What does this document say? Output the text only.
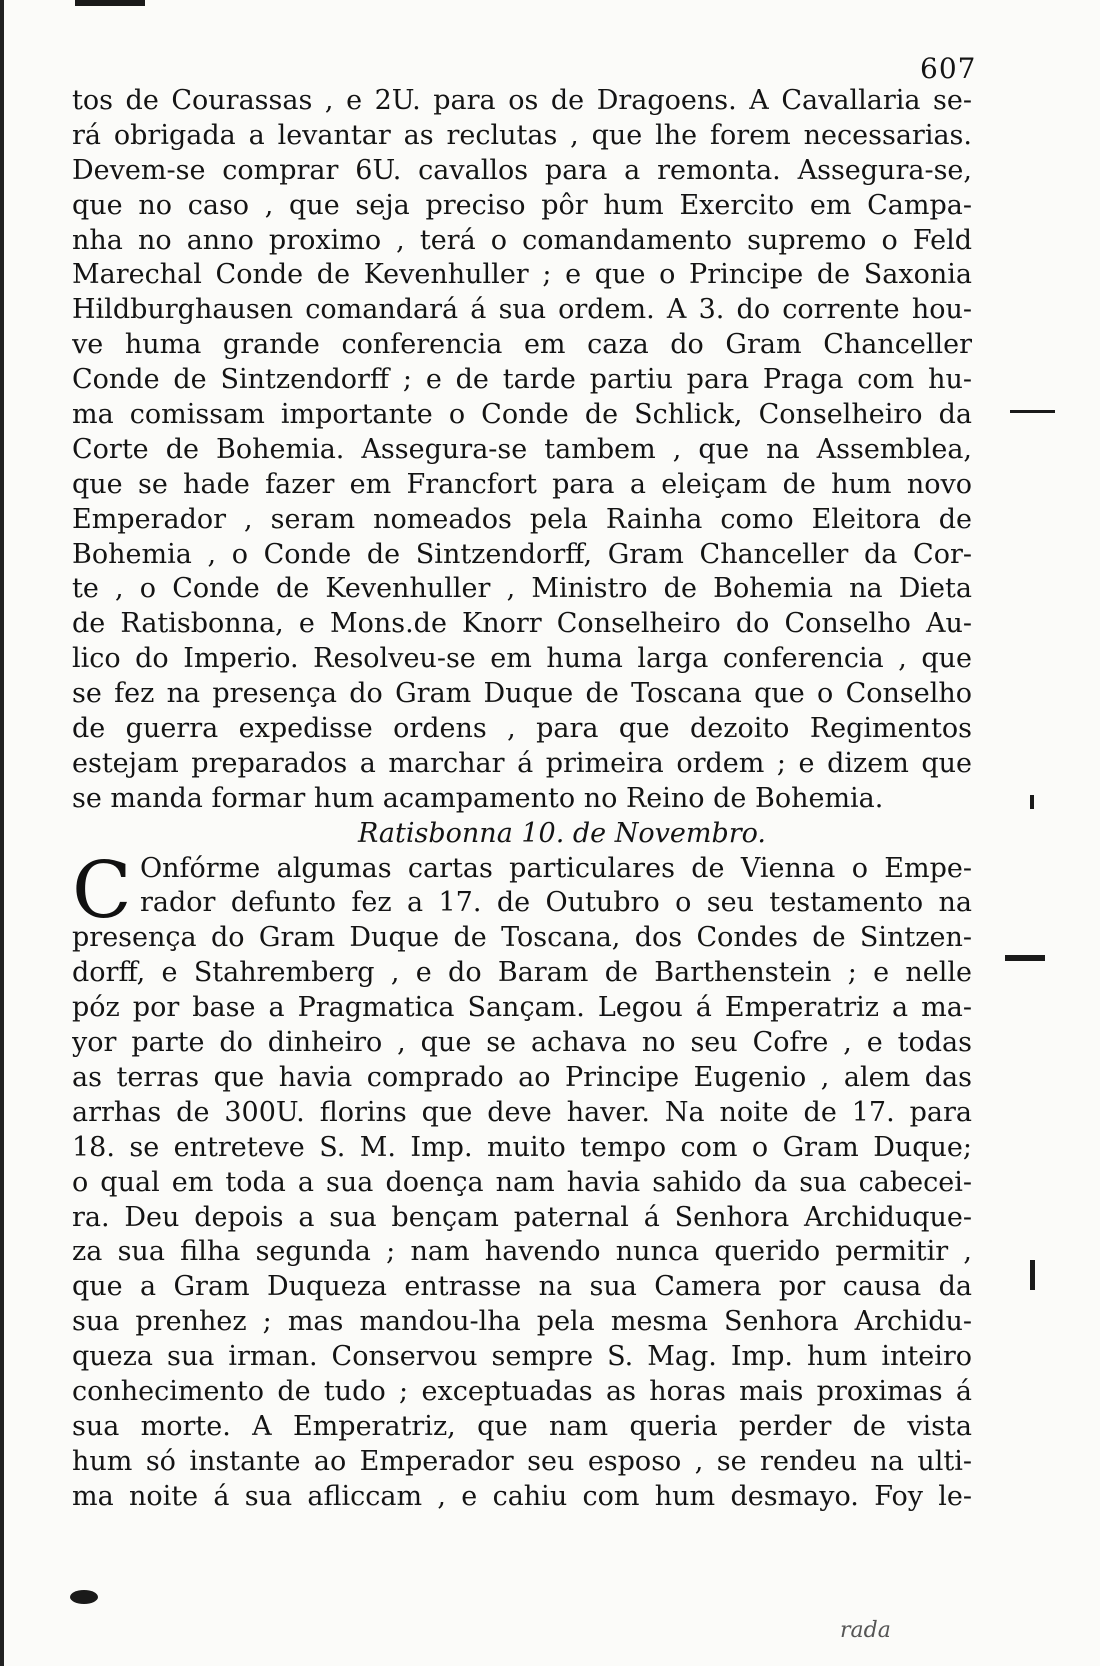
607
tos de Courassas , e 2U. para os de Dragoens. A Cavallaria se-
rá obrigada a levantar as reclutas , que lhe forem necessarias.
Devem-se comprar 6U. cavallos para a remonta. Assegura-se,
que no caso , que seja preciso pôr hum Exercito em Campa-
nha no anno proximo , terá o comandamento supremo o Feld
Marechal Conde de Kevenhuller ; e que o Principe de Saxonia
Hildburghausen comandará á sua ordem. A 3. do corrente hou-
ve huma grande conferencia em caza do Gram Chanceller
Conde de Sintzendorff ; e de tarde partiu para Praga com hu-
ma comissam importante o Conde de Schlick, Conselheiro da
Corte de Bohemia. Assegura-se tambem , que na Assemblea,
que se hade fazer em Francfort para a eleiçam de hum novo
Emperador , seram nomeados pela Rainha como Eleitora de
Bohemia , o Conde de Sintzendorff, Gram Chanceller da Cor-
te , o Conde de Kevenhuller , Ministro de Bohemia na Dieta
de Ratisbonna, e Mons.de Knorr Conselheiro do Conselho Au-
lico do Imperio. Resolveu-se em huma larga conferencia , que
se fez na presença do Gram Duque de Toscana que o Conselho
de guerra expedisse ordens , para que dezoito Regimentos
estejam preparados a marchar á primeira ordem ; e dizem que
se manda formar hum acampamento no Reino de Bohemia.
Ratisbonna 10. de Novembro.
C Onfórme algumas cartas particulares de Vienna o Empe-
rador defunto fez a 17. de Outubro o seu testamento na
presença do Gram Duque de Toscana, dos Condes de Sintzen-
dorff, e Stahremberg , e do Baram de Barthenstein ; e nelle
póz por base a Pragmatica Sançam. Legou á Emperatriz a ma-
yor parte do dinheiro , que se achava no seu Cofre , e todas
as terras que havia comprado ao Principe Eugenio , alem das
arrhas de 300U. florins que deve haver. Na noite de 17. para
18. se entreteve S. M. Imp. muito tempo com o Gram Duque;
o qual em toda a sua doença nam havia sahido da sua cabecei-
ra. Deu depois a sua bençam paternal á Senhora Archiduque-
za sua filha segunda ; nam havendo nunca querido permitir ,
que a Gram Duqueza entrasse na sua Camera por causa da
sua prenhez ; mas mandou-lha pela mesma Senhora Archidu-
queza sua irman. Conservou sempre S. Mag. Imp. hum inteiro
conhecimento de tudo ; exceptuadas as horas mais proximas á
sua morte. A Emperatriz, que nam queria perder de vista
hum só instante ao Emperador seu esposo , se rendeu na ulti-
ma noite á sua afliccam , e cahiu com hum desmayo. Foy le-
rada
